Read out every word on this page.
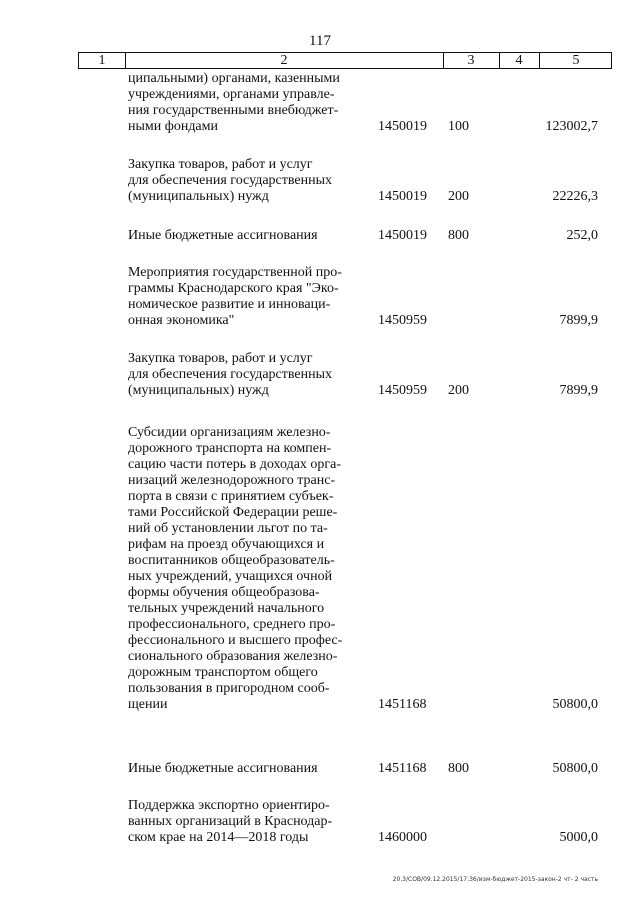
117
1	2	3	4	5
ципальными) органами, казенными
учреждениями, органами управле-
ния государственными внебюджет-
ными фондами	1450019 100	123002,7
Закупка товаров, работ и услуг
для обеспечения государственных
(муниципальных) нужд	1450019 200	22226,3
Иные бюджетные ассигнования	1450019 800	252,0
Мероприятия государственной про-
граммы Краснодарского края "Эко-
номическое развитие и инноваци-
онная экономика"	1450959	7899,9
Закупка товаров, работ и услуг
для обеспечения государственных
(муниципальных) нужд	1450959 200	7899,9
Субсидии организациям железно-
дорожного транспорта на компен-
сацию части потерь в доходах орга-
низаций железнодорожного транс-
порта в связи с принятием субъек-
тами Российской Федерации реше-
ний об установлении льгот по та-
рифам на проезд обучающихся и
воспитанников общеобразователь-
ных учреждений, учащихся очной
формы обучения общеобразова-
тельных учреждений начального
профессионального, среднего про-
фессионального и высшего профес-
сионального образования железно-
дорожным транспортом общего
пользования в пригородном сооб-
щении	1451168	50800,0
Иные бюджетные ассигнования	1451168 800	50800,0
Поддержка экспортно ориентиро-
ванных организаций в Краснодар-
ском крае на 2014—2018 годы	1460000	5000,0
20.3/СОВ/09.12.2015/17:36/изм-бюджет-2015-закон-2 чт- 2 часть
